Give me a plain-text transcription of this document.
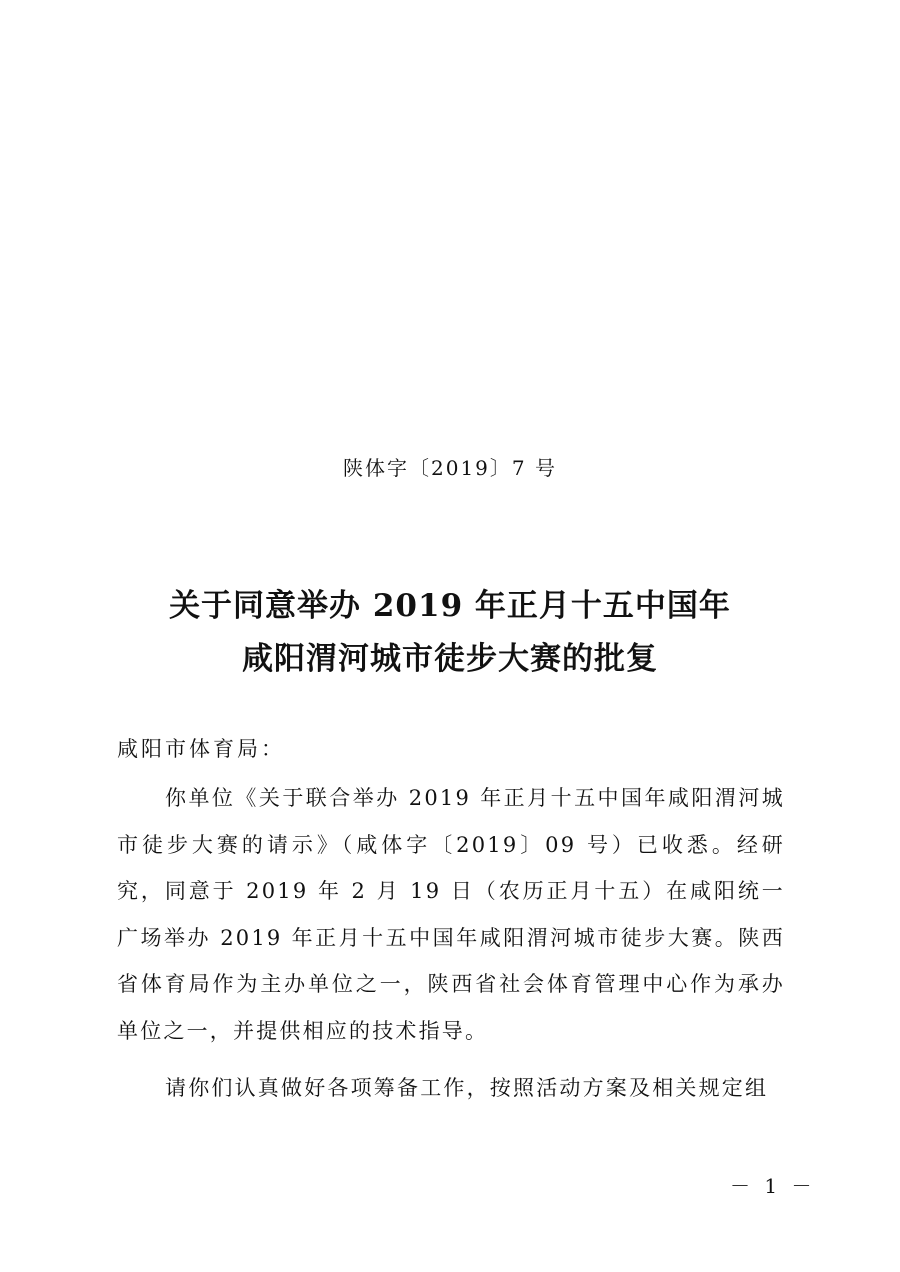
陕体字〔2019〕7 号
关于同意举办 2019 年正月十五中国年
咸阳渭河城市徒步大赛的批复
咸阳市体育局：

你单位《关于联合举办 2019 年正月十五中国年咸阳渭河城市徒步大赛的请示》（咸体字〔2019〕09 号）已收悉。经研究，同意于 2019 年 2 月 19 日（农历正月十五）在咸阳统一广场举办 2019 年正月十五中国年咸阳渭河城市徒步大赛。陕西省体育局作为主办单位之一，陕西省社会体育管理中心作为承办单位之一，并提供相应的技术指导。

请你们认真做好各项筹备工作，按照活动方案及相关规定组

－ 1 －
